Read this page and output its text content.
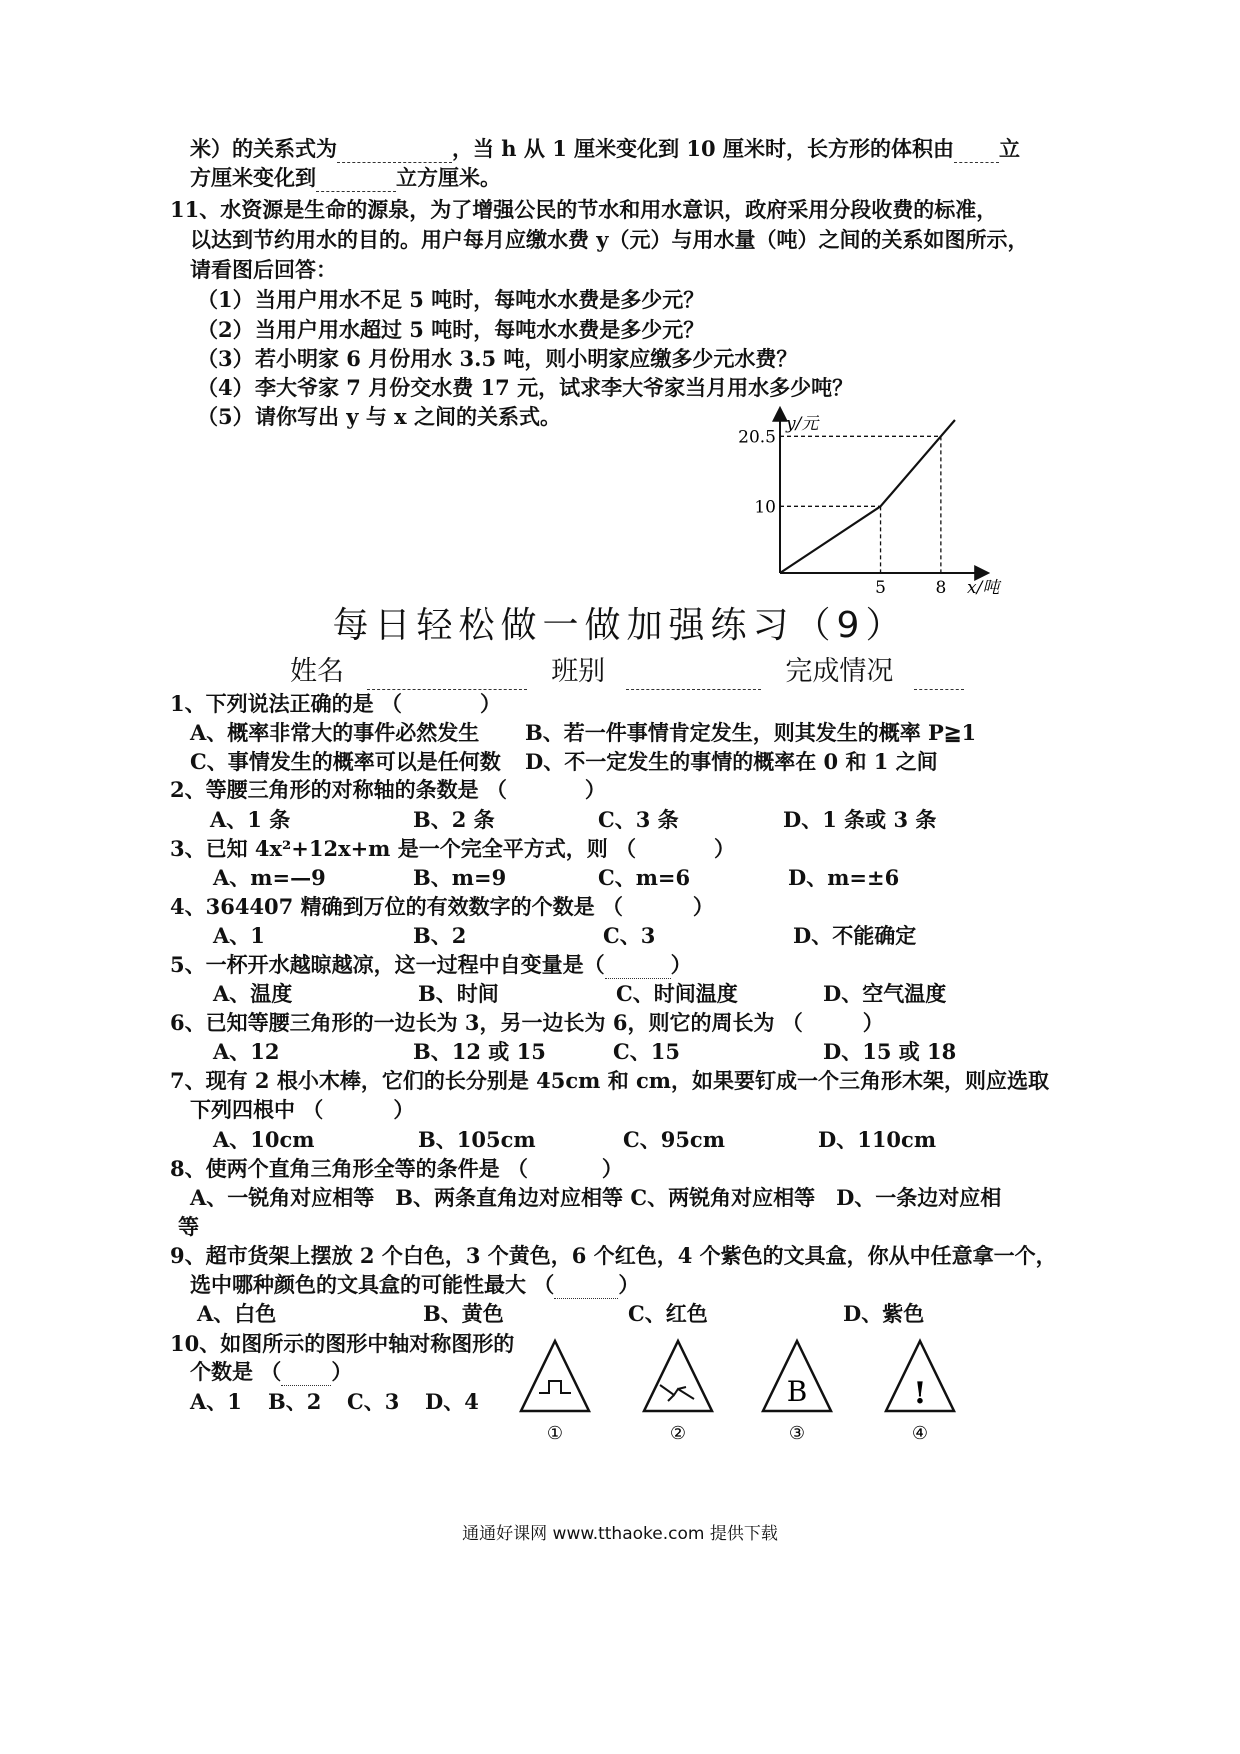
米）的关系式为	，当 h 从 1 厘米变化到 10 厘米时，长方形的体积由 立
方厘米变化到	立方厘米。
11、水资源是生命的源泉，为了增强公民的节水和用水意识，政府采用分段收费的标准，
以达到节约用水的目的。用户每月应缴水费 y（元）与用水量（吨）之间的关系如图所示，
请看图后回答：
（1）当用户用水不足 5 吨时，每吨水水费是多少元？
（2）当用户用水超过 5 吨时，每吨水水费是多少元？
（3）若小明家 6 月份用水 3.5 吨，则小明家应缴多少元水费？
（4）李大爷家 7 月份交水费 17 元，试求李大爷家当月用水多少吨？
（5）请你写出 y 与 x 之间的关系式。
5	8
10
20.5
x/吨
y/元
每日轻松做一做加强练习（9）
姓名	班别	完成情况
1、下列说法正确的是 （	）
A、概率非常大的事件必然发生 B、若一件事情肯定发生，则其发生的概率 P≧1
C、事情发生的概率可以是任何数 D、不一定发生的事情的概率在 0 和 1 之间
2、等腰三角形的对称轴的条数是 （	）
A、1 条	B、2 条	C、3 条	D、1 条或 3 条
3、已知 4x²+12x+m 是一个完全平方式，则 （	）
A、m=—9	B、m=9	C、m=6	D、m=±6
4、364407 精确到万位的有效数字的个数是 （	）
A、1	B、2	C、3	D、不能确定
5、一杯开水越晾越凉，这一过程中自变量是（	）
A、温度	B、时间	C、时间温度	D、空气温度
6、已知等腰三角形的一边长为 3，另一边长为 6，则它的周长为 （	）
A、12	B、12 或 15	C、15	D、15 或 18
7、现有 2 根小木棒，它们的长分别是 45cm 和 cm，如果要钉成一个三角形木架，则应选取
下列四根中 （	）
A、10cm	B、105cm	C、95cm	D、110cm
8、使两个直角三角形全等的条件是 （	）
A、一锐角对应相等　B、两条直角边对应相等 C、两锐角对应相等　D、一条边对应相
等
9、超市货架上摆放 2 个白色，3 个黄色，6 个红色，4 个紫色的文具盒，你从中任意拿一个，
选中哪种颜色的文具盒的可能性最大 （	）
A、白色	B、黄色	C、红色	D、紫色
10、如图所示的图形中轴对称图形的
个数是 （ ）
A、1 B、2 C、3 D、4
①	②
B
③
!
④
通通好课网 www.tthaoke.com 提供下载
